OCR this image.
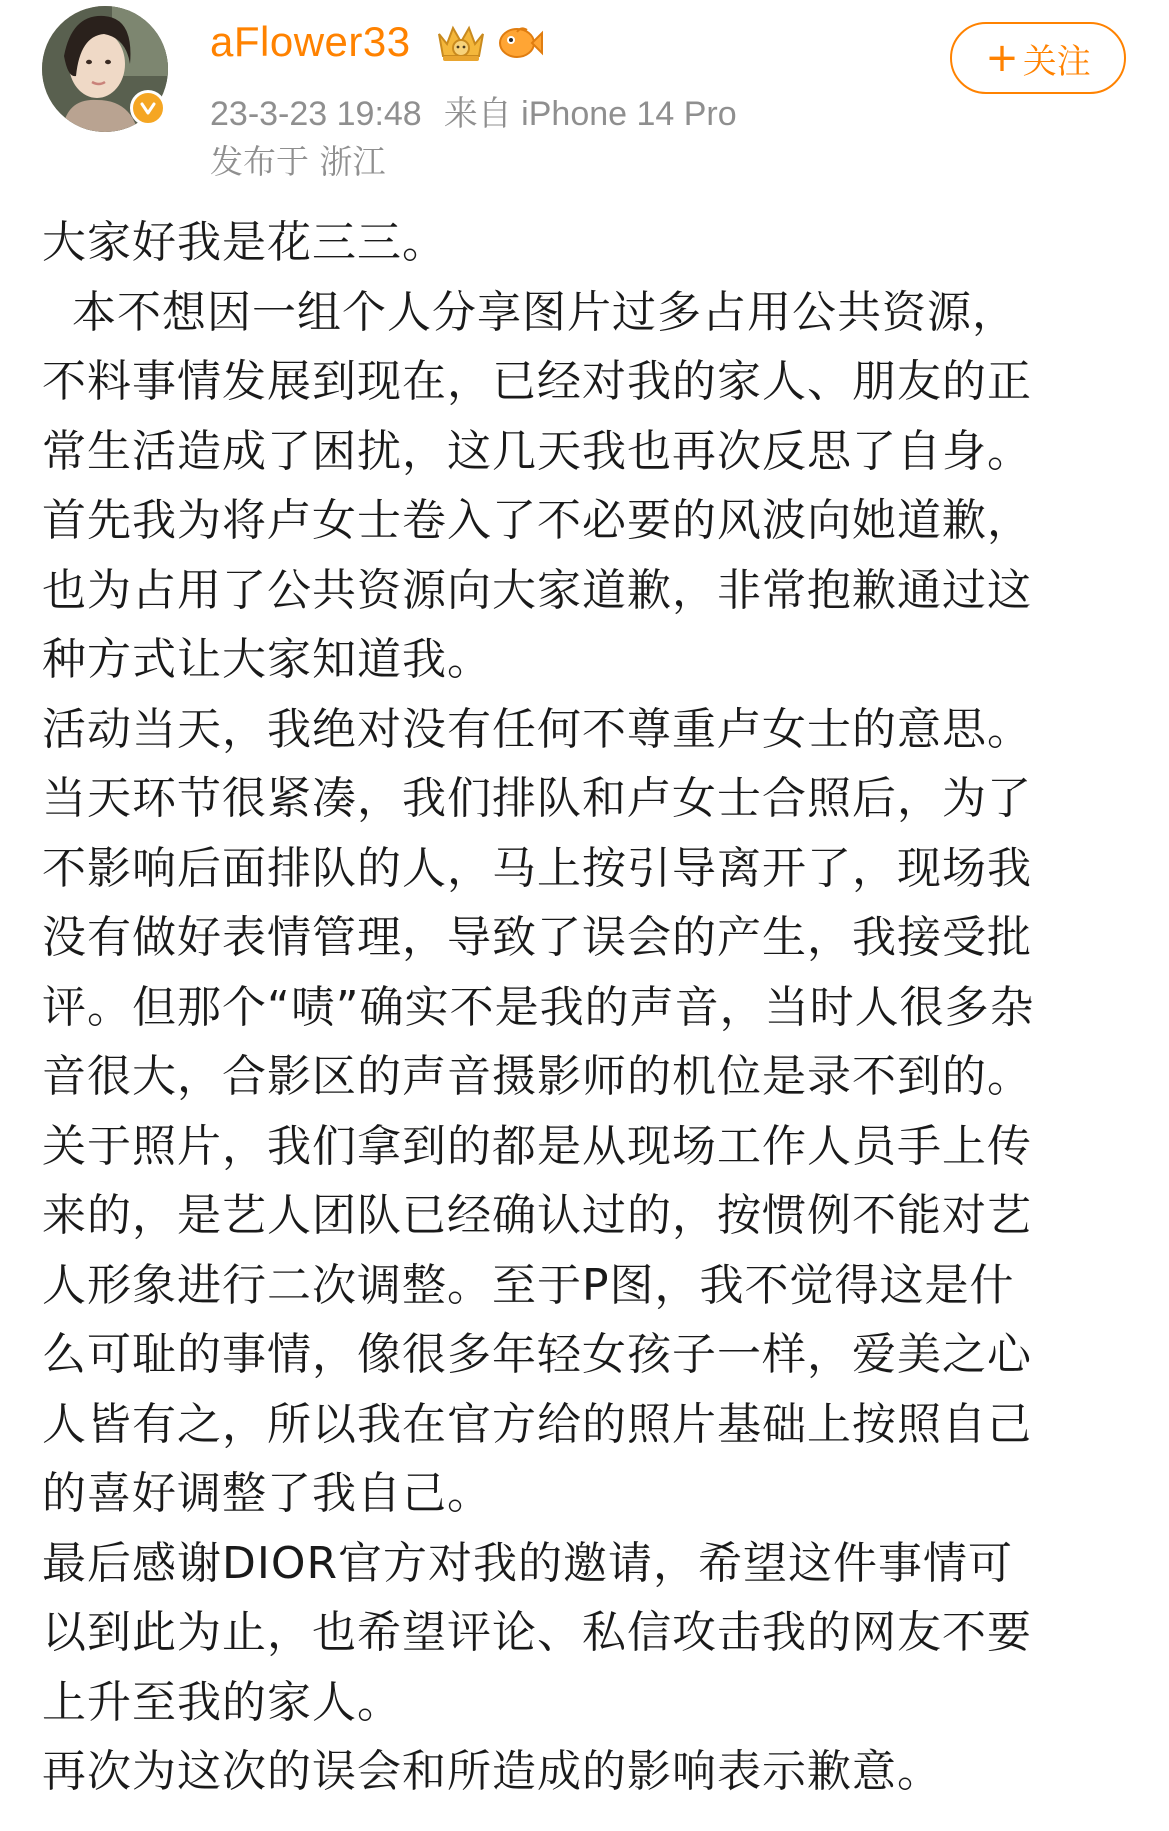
aFlower33
23-3-23 19:48 来自 iPhone 14 Pro
发布于 浙江
+ 关注
大家好我是花三三。
本不想因一组个人分享图片过多占用公共资源，
不料事情发展到现在，已经对我的家人、朋友的正
常生活造成了困扰，这几天我也再次反思了自身。
首先我为将卢女士卷入了不必要的风波向她道歉，
也为占用了公共资源向大家道歉，非常抱歉通过这
种方式让大家知道我。
活动当天，我绝对没有任何不尊重卢女士的意思。
当天环节很紧凑，我们排队和卢女士合照后，为了
不影响后面排队的人，马上按引导离开了，现场我
没有做好表情管理，导致了误会的产生，我接受批
评。但那个“啧”确实不是我的声音，当时人很多杂
音很大，合影区的声音摄影师的机位是录不到的。
关于照片，我们拿到的都是从现场工作人员手上传
来的，是艺人团队已经确认过的，按惯例不能对艺
人形象进行二次调整。至于P图，我不觉得这是什
么可耻的事情，像很多年轻女孩子一样，爱美之心
人皆有之，所以我在官方给的照片基础上按照自己
的喜好调整了我自己。
最后感谢DIOR官方对我的邀请，希望这件事情可
以到此为止，也希望评论、私信攻击我的网友不要
上升至我的家人。
再次为这次的误会和所造成的影响表示歉意。
